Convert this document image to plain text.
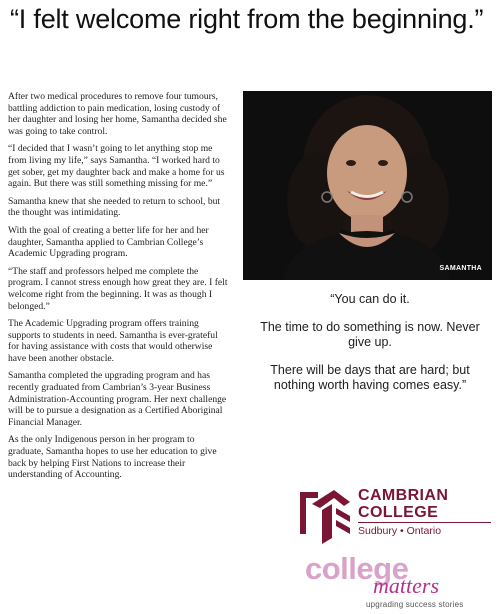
“I felt welcome right from the beginning.”

After two medical procedures to remove four tumours, battling addiction to pain medication, losing custody of her daughter and losing her home, Samantha decided she was going to take control.

“I decided that I wasn’t going to let anything stop me from living my life,” says Samantha. “I worked hard to get sober, get my daughter back and make a home for us again. But there was still something missing for me.”

Samantha knew that she needed to return to school, but the thought was intimidating.

With the goal of creating a better life for her and her daughter, Samantha applied to Cambrian College’s Academic Upgrading program.

“The staff and professors helped me complete the program. I cannot stress enough how great they are. I felt welcome right from the beginning. It was as though I belonged.”

The Academic Upgrading program offers training supports to students in need. Samantha is ever-grateful for having assistance with costs that would otherwise have been another obstacle.

Samantha completed the upgrading program and has recently graduated from Cambrian’s 3-year Business Administration-Accounting program. Her next challenge will be to pursue a designation as a Certified Aboriginal Financial Manager.

As the only Indigenous person in her program to graduate, Samantha hopes to use her education to give back by helping First Nations to increase their understanding of Accounting.

SAMANTHA

“You can do it.

The time to do something is now. Never give up.

There will be days that are hard; but nothing worth having comes easy.”

CAMBRIAN
COLLEGE
Sudbury • Ontario
college
matters
upgrading success stories
